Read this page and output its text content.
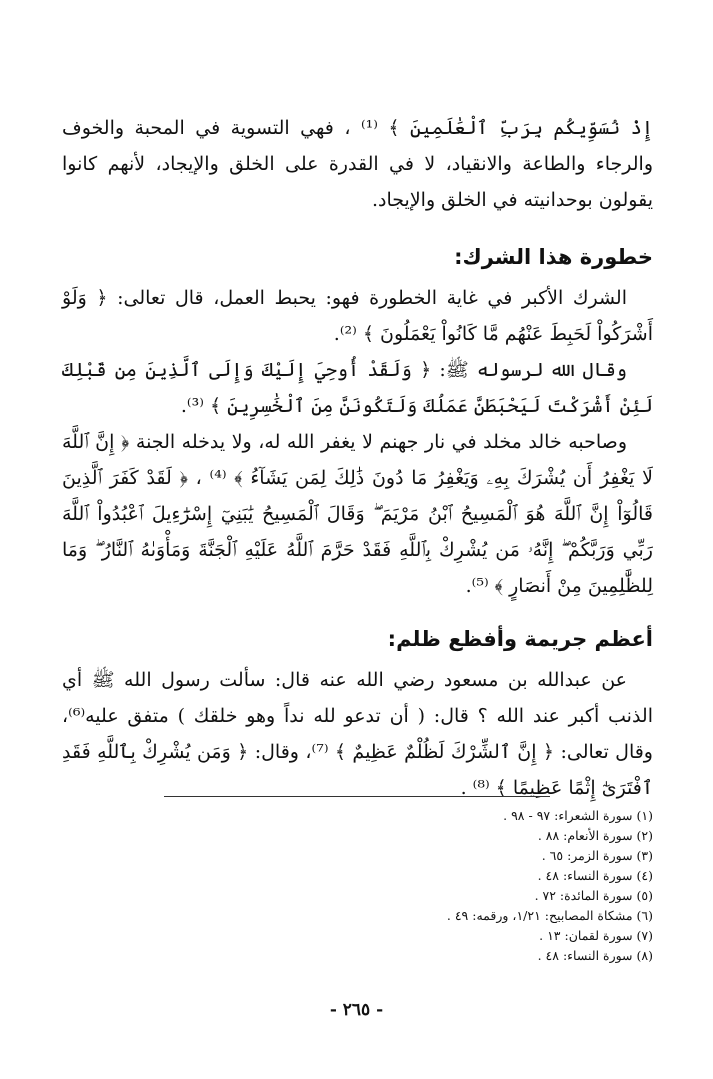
إِذْ نُسَوِّيكُم بِرَبِّ ٱلْعَٰلَمِينَ ﴾ ⁽¹⁾ ، فهي التسوية في المحبة والخوف والرجاء والطاعة والانقياد، لا في القدرة على الخلق والإيجاد، لأنهم كانوا يقولون بوحدانيته في الخلق والإيجاد.

خطورة هذا الشرك:

الشرك الأكبر في غاية الخطورة فهو: يحبط العمل، قال تعالى: ﴿ وَلَوْ أَشْرَكُواْ لَحَبِطَ عَنْهُم مَّا كَانُواْ يَعْمَلُونَ ﴾ ⁽²⁾.

وقال الله لرسوله ﷺ: ﴿ وَلَقَدْ أُوحِيَ إِلَيْكَ وَإِلَى ٱلَّذِينَ مِن قَبْلِكَ لَئِنْ أَشْرَكْتَ لَيَحْبَطَنَّ عَمَلُكَ وَلَتَكُونَنَّ مِنَ ٱلْخَٰسِرِينَ ﴾ ⁽³⁾.

وصاحبه خالد مخلد في نار جهنم لا يغفر الله له، ولا يدخله الجنة ﴿ إِنَّ ٱللَّهَ لَا يَغْفِرُ أَن يُشْرَكَ بِهِۦ وَيَغْفِرُ مَا دُونَ ذَٰلِكَ لِمَن يَشَآءُ ﴾ ⁽⁴⁾ ، ﴿ لَقَدْ كَفَرَ ٱلَّذِينَ قَالُوٓاْ إِنَّ ٱللَّهَ هُوَ ٱلْمَسِيحُ ٱبْنُ مَرْيَمَ ۖ وَقَالَ ٱلْمَسِيحُ يَٰبَنِيٓ إِسْرَٰٓءِيلَ ٱعْبُدُواْ ٱللَّهَ رَبِّي وَرَبَّكُمْ ۖ إِنَّهُۥ مَن يُشْرِكْ بِٱللَّهِ فَقَدْ حَرَّمَ ٱللَّهُ عَلَيْهِ ٱلْجَنَّةَ وَمَأْوَىٰهُ ٱلنَّارُ ۖ وَمَا لِلظَّٰلِمِينَ مِنْ أَنصَارٍ ﴾ ⁽⁵⁾.

أعظم جريمة وأفظع ظلم:

عن عبدالله بن مسعود رضي الله عنه قال: سألت رسول الله ﷺ أي الذنب أكبر عند الله ؟ قال: ( أن تدعو لله نداً وهو خلقك ) متفق عليه⁽⁶⁾، وقال تعالى: ﴿ إِنَّ ٱلشِّرْكَ لَظُلْمٌ عَظِيمٌ ﴾ ⁽⁷⁾، وقال: ﴿ وَمَن يُشْرِكْ بِٱللَّهِ فَقَدِ ٱفْتَرَىٰٓ إِثْمًا عَظِيمًا ﴾ ⁽⁸⁾ .

(١) سورة الشعراء: ٩٧ - ٩٨ .
(٢) سورة الأنعام: ٨٨ .
(٣) سورة الزمر: ٦٥ .
(٤) سورة النساء: ٤٨ .
(٥) سورة المائدة: ٧٢ .
(٦) مشكاة المصابيح: ١/٢١، ورقمه: ٤٩ .
(٧) سورة لقمان: ١٣ .
(٨) سورة النساء: ٤٨ .
- ٢٦٥ -
